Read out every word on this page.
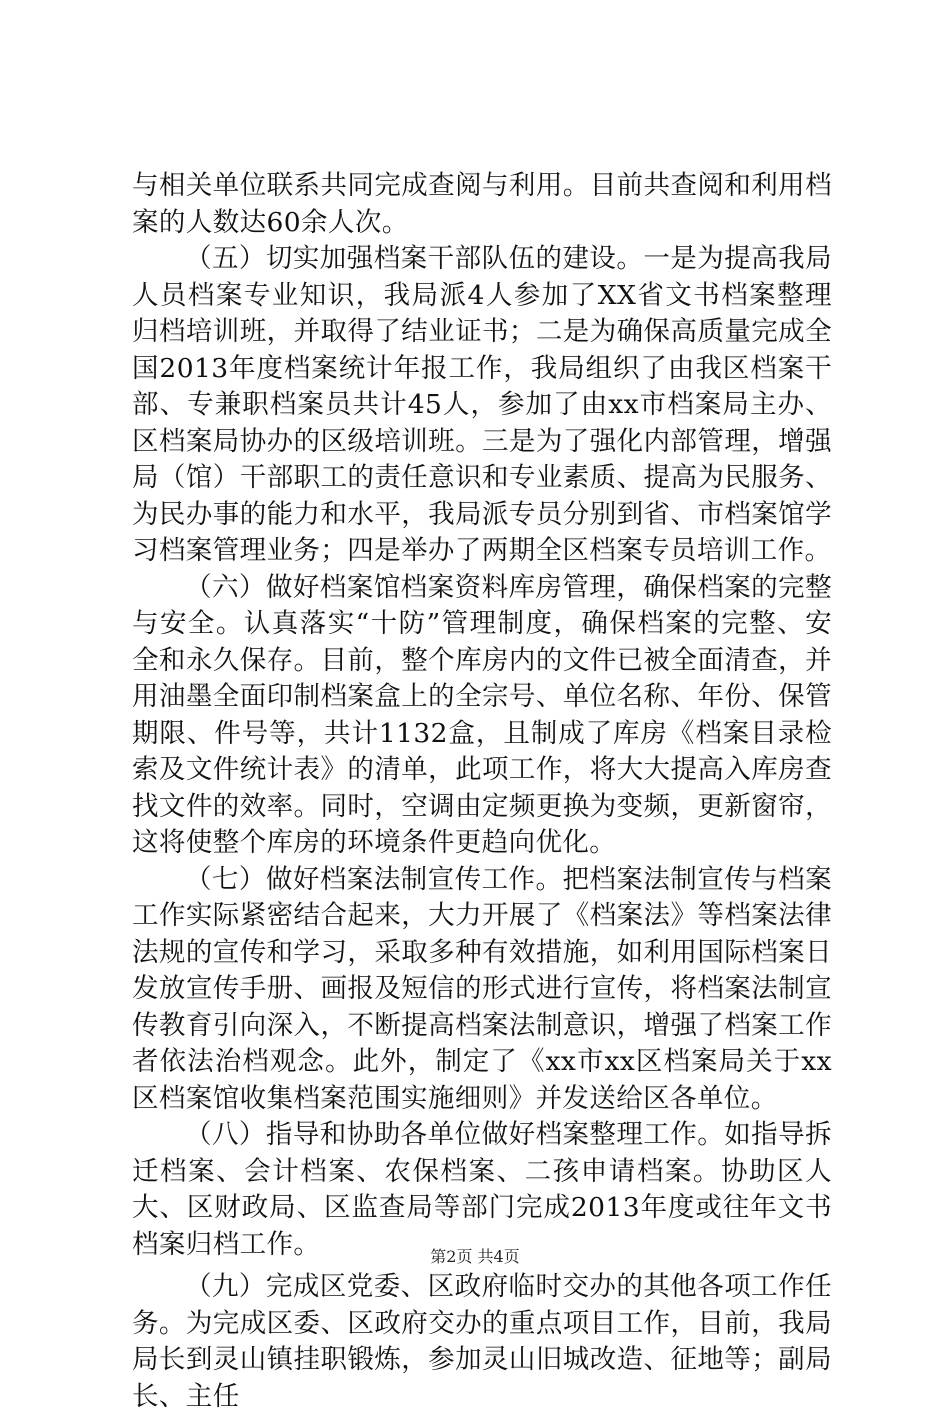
与相关单位联系共同完成查阅与利用。目前共查阅和利用档案的人数达60余人次。

（五）切实加强档案干部队伍的建设。一是为提高我局人员档案专业知识，我局派4人参加了XX省文书档案整理归档培训班，并取得了结业证书；二是为确保高质量完成全国2013年度档案统计年报工作，我局组织了由我区档案干部、专兼职档案员共计45人，参加了由xx市档案局主办、区档案局协办的区级培训班。三是为了强化内部管理，增强局（馆）干部职工的责任意识和专业素质、提高为民服务、为民办事的能力和水平，我局派专员分别到省、市档案馆学习档案管理业务；四是举办了两期全区档案专员培训工作。

（六）做好档案馆档案资料库房管理，确保档案的完整与安全。认真落实“十防”管理制度，确保档案的完整、安全和永久保存。目前，整个库房内的文件已被全面清查，并用油墨全面印制档案盒上的全宗号、单位名称、年份、保管期限、件号等，共计1132盒，且制成了库房《档案目录检索及文件统计表》的清单，此项工作，将大大提高入库房查找文件的效率。同时，空调由定频更换为变频，更新窗帘，这将使整个库房的环境条件更趋向优化。

（七）做好档案法制宣传工作。把档案法制宣传与档案工作实际紧密结合起来，大力开展了《档案法》等档案法律法规的宣传和学习，采取多种有效措施，如利用国际档案日发放宣传手册、画报及短信的形式进行宣传，将档案法制宣传教育引向深入，不断提高档案法制意识，增强了档案工作者依法治档观念。此外，制定了《xx市xx区档案局关于xx区档案馆收集档案范围实施细则》并发送给区各单位。

（八）指导和协助各单位做好档案整理工作。如指导拆迁档案、会计档案、农保档案、二孩申请档案。协助区人大、区财政局、区监查局等部门完成2013年度或往年文书档案归档工作。

（九）完成区党委、区政府临时交办的其他各项工作任务。为完成区委、区政府交办的重点项目工作，目前，我局局长到灵山镇挂职锻炼，参加灵山旧城改造、征地等；副局长、主任

第2页 共4页
